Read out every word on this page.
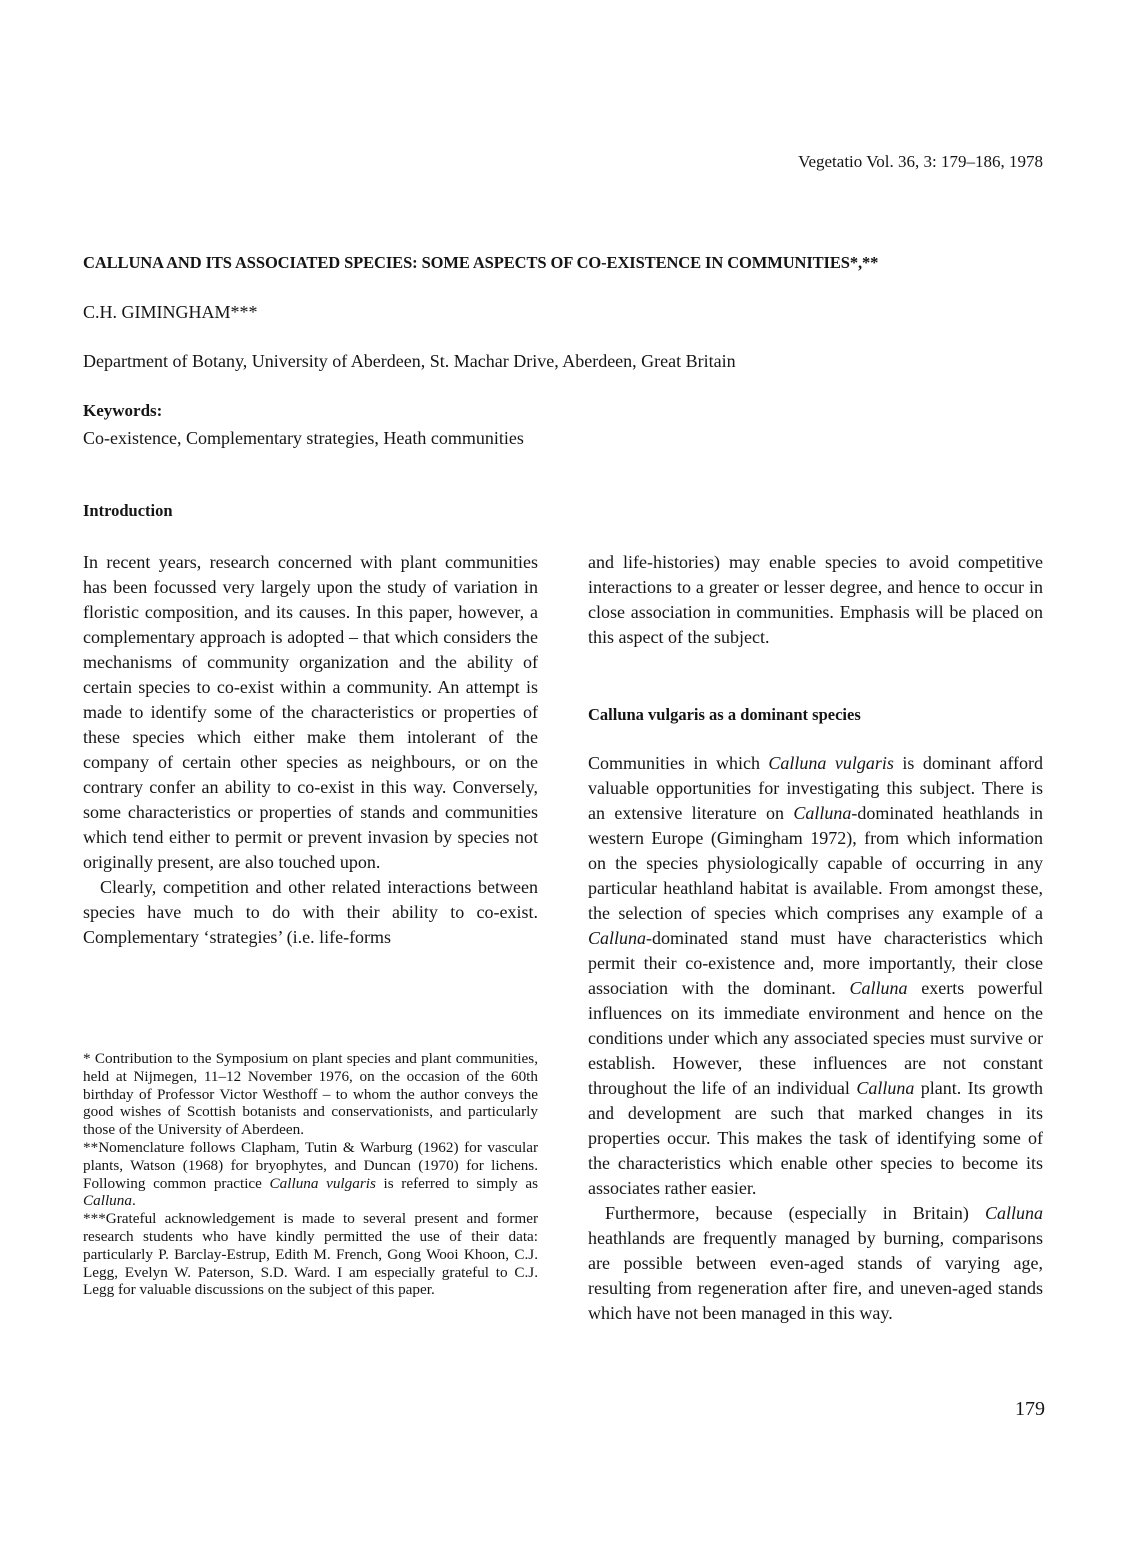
Vegetatio Vol. 36, 3: 179–186, 1978
CALLUNA AND ITS ASSOCIATED SPECIES: SOME ASPECTS OF CO-EXISTENCE IN COMMUNITIES*,**
C.H. GIMINGHAM***
Department of Botany, University of Aberdeen, St. Machar Drive, Aberdeen, Great Britain
Keywords:
Co-existence, Complementary strategies, Heath communities
Introduction

In recent years, research concerned with plant communities has been focussed very largely upon the study of variation in floristic composition, and its causes. In this paper, however, a complementary approach is adopted – that which considers the mechanisms of community organization and the ability of certain species to co-exist within a community. An attempt is made to identify some of the characteristics or properties of these species which either make them intolerant of the company of certain other species as neighbours, or on the contrary confer an ability to co-exist in this way. Conversely, some characteristics or properties of stands and communities which tend either to permit or prevent invasion by species not originally present, are also touched upon.

Clearly, competition and other related interactions between species have much to do with their ability to co-exist. Complementary ‘strategies’ (i.e. life-forms

* Contribution to the Symposium on plant species and plant communities, held at Nijmegen, 11–12 November 1976, on the occasion of the 60th birthday of Professor Victor Westhoff – to whom the author conveys the good wishes of Scottish botanists and conservationists, and particularly those of the University of Aberdeen.

**Nomenclature follows Clapham, Tutin & Warburg (1962) for vascular plants, Watson (1968) for bryophytes, and Duncan (1970) for lichens. Following common practice Calluna vulgaris is referred to simply as Calluna.

***Grateful acknowledgement is made to several present and former research students who have kindly permitted the use of their data: particularly P. Barclay-Estrup, Edith M. French, Gong Wooi Khoon, C.J. Legg, Evelyn W. Paterson, S.D. Ward. I am especially grateful to C.J. Legg for valuable discussions on the subject of this paper.

and life-histories) may enable species to avoid competitive interactions to a greater or lesser degree, and hence to occur in close association in communities. Emphasis will be placed on this aspect of the subject.

Calluna vulgaris as a dominant species

Communities in which Calluna vulgaris is dominant afford valuable opportunities for investigating this subject. There is an extensive literature on Calluna-dominated heathlands in western Europe (Gimingham 1972), from which information on the species physiologically capable of occurring in any particular heathland habitat is available. From amongst these, the selection of species which comprises any example of a Calluna-dominated stand must have characteristics which permit their co-existence and, more importantly, their close association with the dominant. Calluna exerts powerful influences on its immediate environment and hence on the conditions under which any associated species must survive or establish. However, these influences are not constant throughout the life of an individual Calluna plant. Its growth and development are such that marked changes in its properties occur. This makes the task of identifying some of the characteristics which enable other species to become its associates rather easier.

Furthermore, because (especially in Britain) Calluna heathlands are frequently managed by burning, comparisons are possible between even-aged stands of varying age, resulting from regeneration after fire, and uneven-aged stands which have not been managed in this way.

179
